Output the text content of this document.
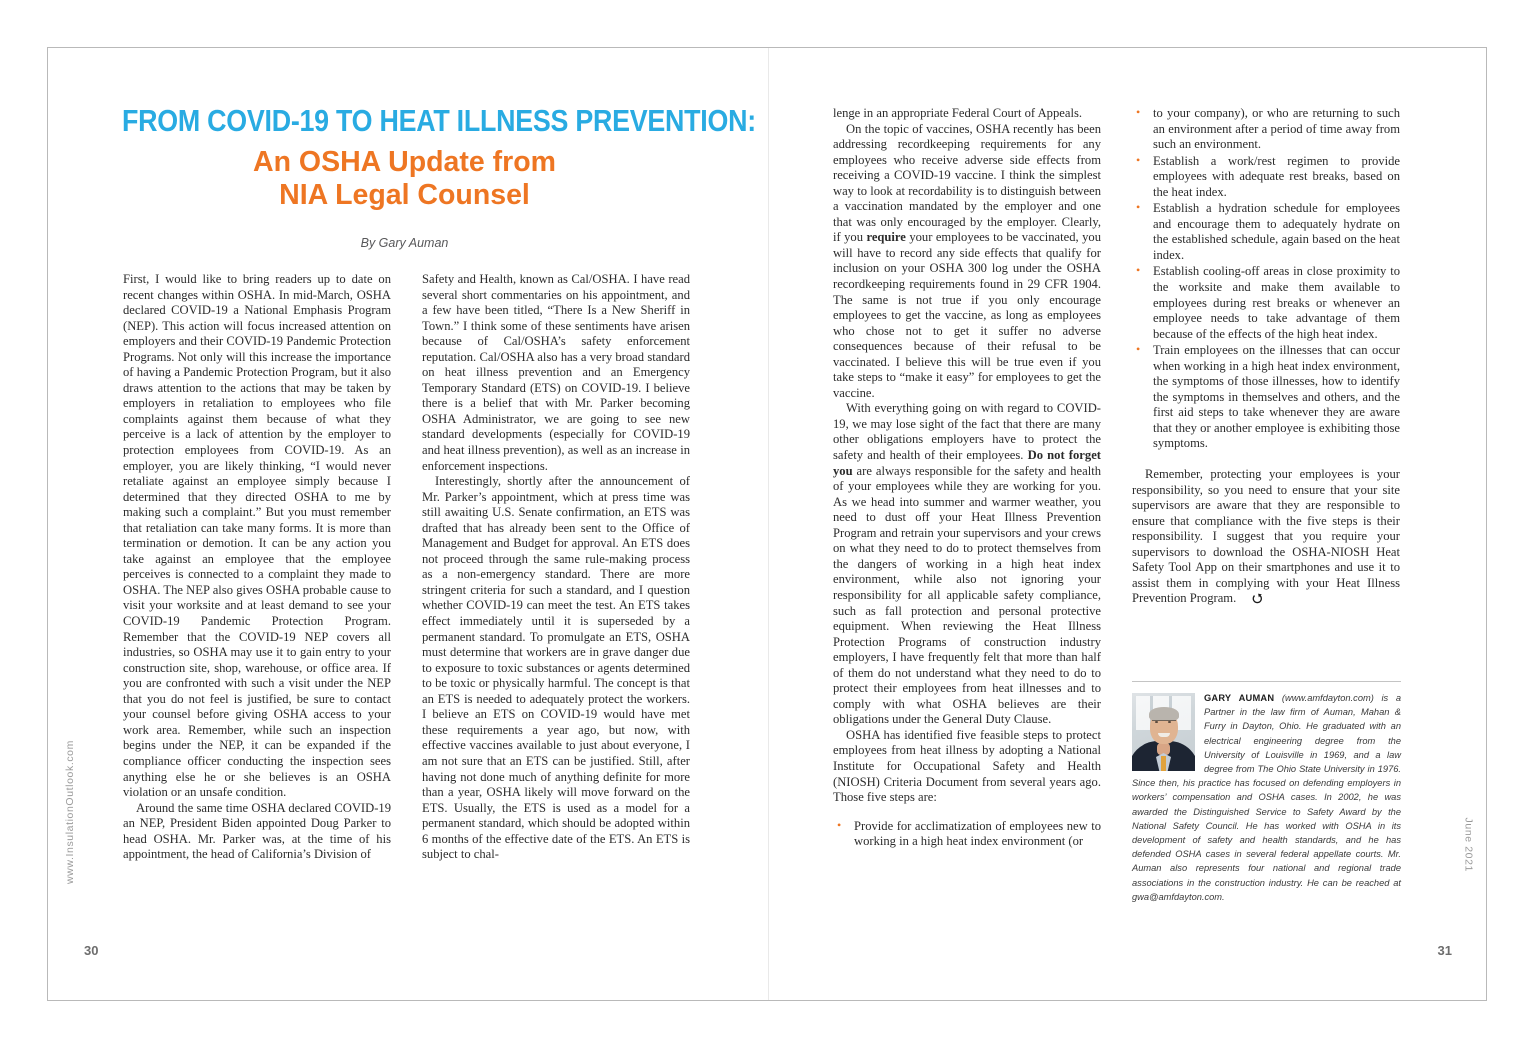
www.InsulationOutlook.com
30
FROM COVID-19 TO HEAT ILLNESS PREVENTION:
An OSHA Update from
NIA Legal Counsel
By Gary Auman

First, I would like to bring readers up to date on recent changes within OSHA. In mid-March, OSHA declared COVID-19 a National Emphasis Program (NEP). This action will focus increased attention on employers and their COVID-19 Pandemic Protection Programs. Not only will this increase the importance of having a Pandemic Protection Program, but it also draws attention to the actions that may be taken by employers in retaliation to employees who file complaints against them because of what they perceive is a lack of attention by the employer to protection employees from COVID-19. As an employer, you are likely thinking, “I would never retaliate against an employee simply because I determined that they directed OSHA to me by making such a complaint.” But you must remember that retaliation can take many forms. It is more than termination or demotion. It can be any action you take against an employee that the employee perceives is connected to a complaint they made to OSHA. The NEP also gives OSHA probable cause to visit your worksite and at least demand to see your COVID-19 Pandemic Protection Program. Remember that the COVID-19 NEP covers all industries, so OSHA may use it to gain entry to your construction site, shop, warehouse, or office area. If you are confronted with such a visit under the NEP that you do not feel is justified, be sure to contact your counsel before giving OSHA access to your work area. Remember, while such an inspection begins under the NEP, it can be expanded if the compliance officer conducting the inspection sees anything else he or she believes is an OSHA violation or an unsafe condition.

Around the same time OSHA declared COVID-19 an NEP, President Biden appointed Doug Parker to head OSHA. Mr. Parker was, at the time of his appointment, the head of California’s Division of

Safety and Health, known as Cal/OSHA. I have read several short commentaries on his appointment, and a few have been titled, “There Is a New Sheriff in Town.” I think some of these sentiments have arisen because of Cal/OSHA’s safety enforcement reputation. Cal/OSHA also has a very broad standard on heat illness prevention and an Emergency Temporary Standard (ETS) on COVID-19. I believe there is a belief that with Mr. Parker becoming OSHA Administrator, we are going to see new standard developments (especially for COVID-19 and heat illness prevention), as well as an increase in enforcement inspections.

Interestingly, shortly after the announcement of Mr. Parker’s appointment, which at press time was still awaiting U.S. Senate confirmation, an ETS was drafted that has already been sent to the Office of Management and Budget for approval. An ETS does not proceed through the same rule-making process as a non-emergency standard. There are more stringent criteria for such a standard, and I question whether COVID-19 can meet the test. An ETS takes effect immediately until it is superseded by a permanent standard. To promulgate an ETS, OSHA must determine that workers are in grave danger due to exposure to toxic substances or agents determined to be toxic or physically harmful. The concept is that an ETS is needed to adequately protect the workers. I believe an ETS on COVID-19 would have met these requirements a year ago, but now, with effective vaccines available to just about everyone, I am not sure that an ETS can be justified. Still, after having not done much of anything definite for more than a year, OSHA likely will move forward on the ETS. Usually, the ETS is used as a model for a permanent standard, which should be adopted within 6 months of the effective date of the ETS. An ETS is subject to chal-	June 2021
31

lenge in an appropriate Federal Court of Appeals.

On the topic of vaccines, OSHA recently has been addressing recordkeeping requirements for any employees who receive adverse side effects from receiving a COVID-19 vaccine. I think the simplest way to look at recordability is to distinguish between a vaccination mandated by the employer and one that was only encouraged by the employer. Clearly, if you require your employees to be vaccinated, you will have to record any side effects that qualify for inclusion on your OSHA 300 log under the OSHA recordkeeping requirements found in 29 CFR 1904. The same is not true if you only encourage employees to get the vaccine, as long as employees who chose not to get it suffer no adverse consequences because of their refusal to be vaccinated. I believe this will be true even if you take steps to “make it easy” for employees to get the vaccine.

With everything going on with regard to COVID-19, we may lose sight of the fact that there are many other obligations employers have to protect the safety and health of their employees. Do not forget you are always responsible for the safety and health of your employees while they are working for you. As we head into summer and warmer weather, you need to dust off your Heat Illness Prevention Program and retrain your supervisors and your crews on what they need to do to protect themselves from the dangers of working in a high heat index environment, while also not ignoring your responsibility for all applicable safety compliance, such as fall protection and personal protective equipment. When reviewing the Heat Illness Protection Programs of construction industry employers, I have frequently felt that more than half of them do not understand what they need to do to protect their employees from heat illnesses and to comply with what OSHA believes are their obligations under the General Duty Clause.

OSHA has identified five feasible steps to protect employees from heat illness by adopting a National Institute for Occupational Safety and Health (NIOSH) Criteria Document from several years ago. Those five steps are:

• Provide for acclimatization of employees new to working in a high heat index environment (or
• to your company), or who are returning to such an environment after a period of time away from such an environment.
• Establish a work/rest regimen to provide employees with adequate rest breaks, based on the heat index.
• Establish a hydration schedule for employees and encourage them to adequately hydrate on the established schedule, again based on the heat index.
• Establish cooling-off areas in close proximity to the worksite and make them available to employees during rest breaks or whenever an employee needs to take advantage of them because of the effects of the high heat index.
• Train employees on the illnesses that can occur when working in a high heat index environment, the symptoms of those illnesses, how to identify the symptoms in themselves and others, and the first aid steps to take whenever they are aware that they or another employee is exhibiting those symptoms.

Remember, protecting your employees is your responsibility, so you need to ensure that your site supervisors are aware that they are responsible to ensure that compliance with the five steps is their responsibility. I suggest that you require your supervisors to download the OSHA-NIOSH Heat Safety Tool App on their smartphones and use it to assist them in complying with your Heat Illness Prevention Program. ⭯

GARY AUMAN (www.amfdayton.com) is a Partner in the law firm of Auman, Mahan & Furry in Dayton, Ohio. He graduated with an electrical engineering degree from the University of Louisville in 1969, and a law degree from The Ohio State University in 1976. Since then, his practice has focused on defending employers in workers’ compensation and OSHA cases. In 2002, he was awarded the Distinguished Service to Safety Award by the National Safety Council. He has worked with OSHA in its development of safety and health standards, and he has defended OSHA cases in several federal appellate courts. Mr. Auman also represents four national and regional trade associations in the construction industry. He can be reached at gwa@amfdayton.com.
